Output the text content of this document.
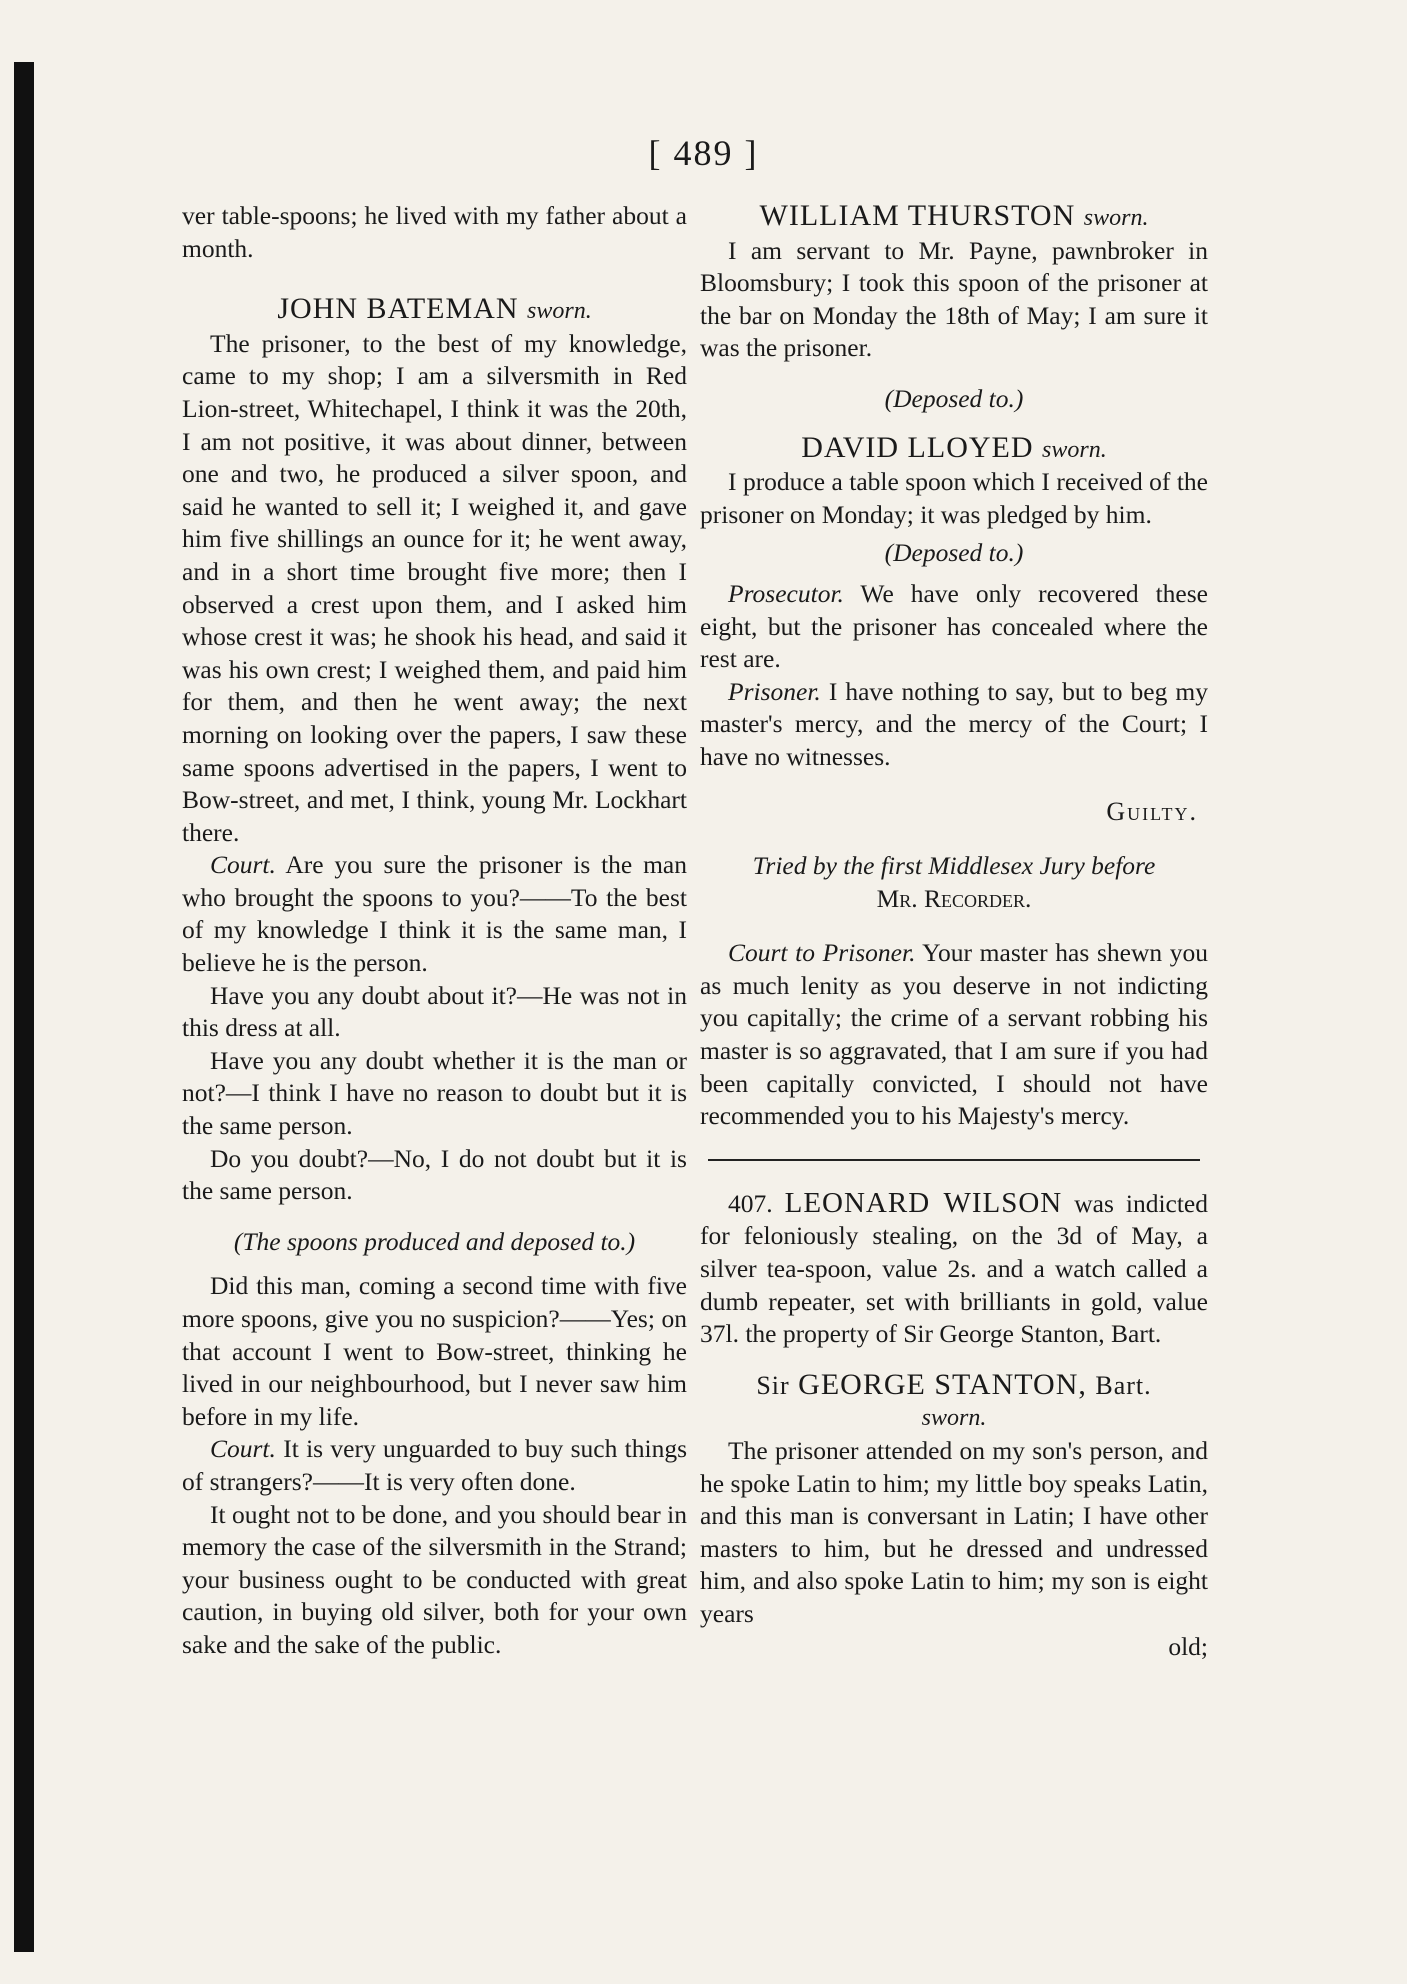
[ 489 ]

ver table-spoons; he lived with my father about a month.

JOHN BATEMAN sworn.

The prisoner, to the best of my knowledge, came to my shop; I am a silversmith in Red Lion-street, Whitechapel, I think it was the 20th, I am not positive, it was about dinner, between one and two, he produced a silver spoon, and said he wanted to sell it; I weighed it, and gave him five shillings an ounce for it; he went away, and in a short time brought five more; then I observed a crest upon them, and I asked him whose crest it was; he shook his head, and said it was his own crest; I weighed them, and paid him for them, and then he went away; the next morning on looking over the papers, I saw these same spoons advertised in the papers, I went to Bow-street, and met, I think, young Mr. Lockhart there.

Court. Are you sure the prisoner is the man who brought the spoons to you?——To the best of my knowledge I think it is the same man, I believe he is the person.

Have you any doubt about it?—He was not in this dress at all.

Have you any doubt whether it is the man or not?—I think I have no reason to doubt but it is the same person.

Do you doubt?—No, I do not doubt but it is the same person.

(The spoons produced and deposed to.)

Did this man, coming a second time with five more spoons, give you no suspicion?——Yes; on that account I went to Bow-street, thinking he lived in our neighbourhood, but I never saw him before in my life.

Court. It is very unguarded to buy such things of strangers?——It is very often done.

It ought not to be done, and you should bear in memory the case of the silversmith in the Strand; your business ought to be conducted with great caution, in buying old silver, both for your own sake and the sake of the public.

WILLIAM THURSTON sworn.

I am servant to Mr. Payne, pawnbroker in Bloomsbury; I took this spoon of the prisoner at the bar on Monday the 18th of May; I am sure it was the prisoner.

(Deposed to.)

DAVID LLOYED sworn.

I produce a table spoon which I received of the prisoner on Monday; it was pledged by him.

(Deposed to.)

Prosecutor. We have only recovered these eight, but the prisoner has concealed where the rest are.

Prisoner. I have nothing to say, but to beg my master's mercy, and the mercy of the Court; I have no witnesses.

Guilty.

Tried by the first Middlesex Jury before

Mr. Recorder.

Court to Prisoner. Your master has shewn you as much lenity as you deserve in not indicting you capitally; the crime of a servant robbing his master is so aggravated, that I am sure if you had been capitally convicted, I should not have recommended you to his Majesty's mercy.

407. LEONARD WILSON was indicted for feloniously stealing, on the 3d of May, a silver tea-spoon, value 2s. and a watch called a dumb repeater, set with brilliants in gold, value 37l. the property of Sir George Stanton, Bart.

Sir GEORGE STANTON, Bart.

sworn.

The prisoner attended on my son's person, and he spoke Latin to him; my little boy speaks Latin, and this man is conversant in Latin; I have other masters to him, but he dressed and undressed him, and also spoke Latin to him; my son is eight years

old;
